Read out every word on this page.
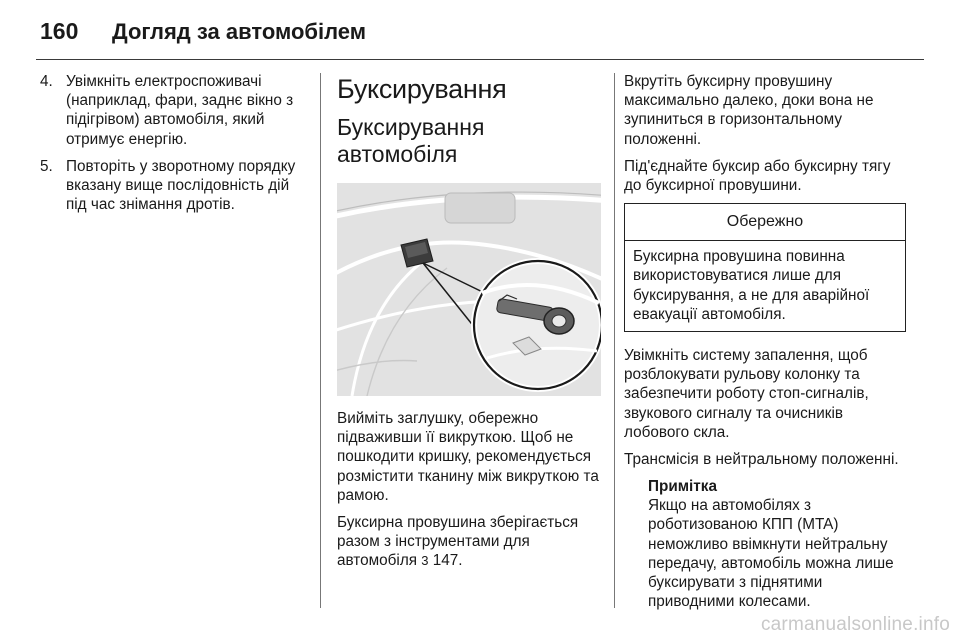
160	Догляд за автомобілем
4. Увімкніть електроспоживачі (наприклад, фари, заднє вікно з підігрівом) автомобіля, який отримує енергію.
5. Повторіть у зворотному порядку вказану вище послідовність дій під час знімання дротів.
Буксирування
Буксирування автомобіля

Вийміть заглушку, обережно підваживши її викруткою. Щоб не пошкодити кришку, рекомендується розмістити тканину між викруткою та рамою.

Буксирна провушина зберігається разом з інструментами для автомобіля 3 147.

Вкрутіть буксирну провушину максимально далеко, доки вона не зупиниться в горизонтальному положенні.

Під'єднайте буксир або буксирну тягу до буксирної провушини.

Обережно
Буксирна провушина повинна використовуватися лише для буксирування, а не для аварійної евакуації автомобіля.

Увімкніть систему запалення, щоб розблокувати рульову колонку та забезпечити роботу стоп-сигналів, звукового сигналу та очисників лобового скла.

Трансмісія в нейтральному положенні.

Примітка
Якщо на автомобілях з роботизованою КПП (MTA) неможливо ввімкнути нейтральну передачу, автомобіль можна лише буксирувати з піднятими приводними колесами.
carmanualsonline.info
